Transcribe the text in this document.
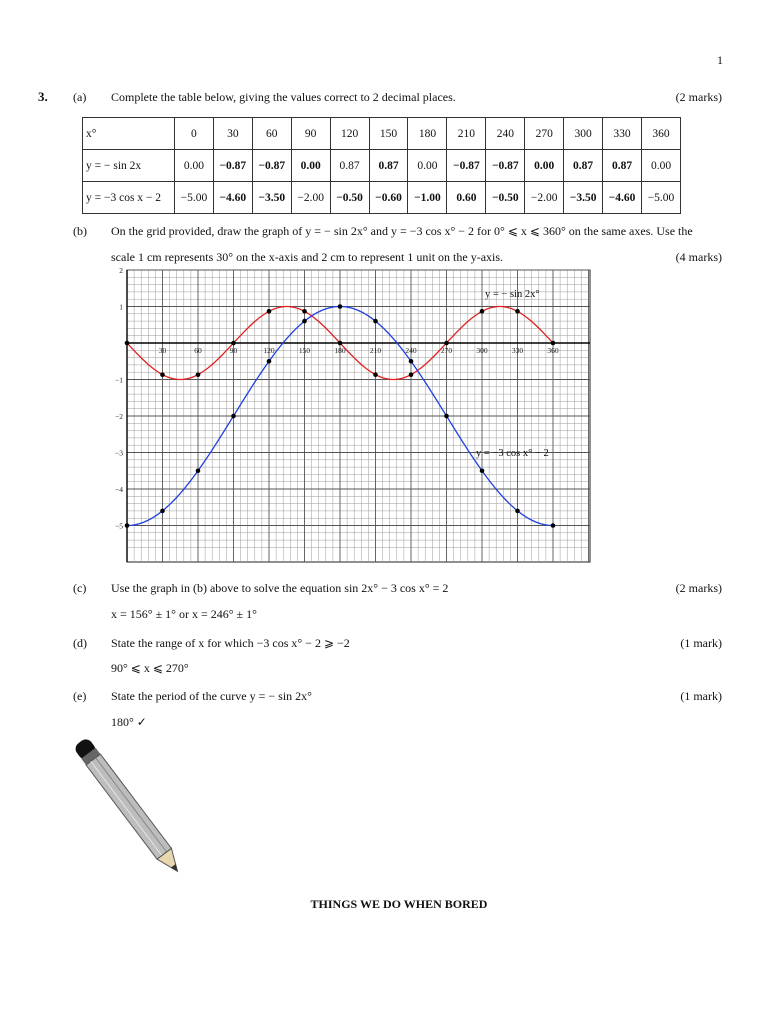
1
3. (a) Complete the table below, giving the values correct to 2 decimal places.	(2 marks)
x°	0	30	60	90	120	150	180	210	240	270	300	330	360
y = − sin 2x	0.00	−0.87	−0.87	0.00	0.87	0.87	0.00	−0.87	−0.87	0.00	0.87	0.87	0.00
y = −3 cos x − 2	−5.00	−4.60	−3.50	−2.00	−0.50	−0.60	−1.00	0.60	−0.50	−2.00	−3.50	−4.60	−5.00
(b) On the grid provided, draw the graph of y = − sin 2x° and y = −3 cos x° − 2 for 0° ⩽ x ⩽ 360° on the same axes. Use the
scale 1 cm represents 30° on the x-axis and 2 cm to represent 1 unit on the y-axis.	(4 marks)
30	60	90	120	150	180	210	240	270	300	330	360
2
1
−1
−2
−3
−4
−5
y = − sin 2x°
y = −3 cos x° − 2
(c) Use the graph in (b) above to solve the equation sin 2x° − 3 cos x° = 2	(2 marks)
x = 156° ± 1° or x = 246° ± 1°
(d) State the range of x for which −3 cos x° − 2 ⩾ −2	(1 mark)
90° ⩽ x ⩽ 270°
(e) State the period of the curve y = − sin 2x°	(1 mark)
180° ✓
THINGS WE DO WHEN BORED
